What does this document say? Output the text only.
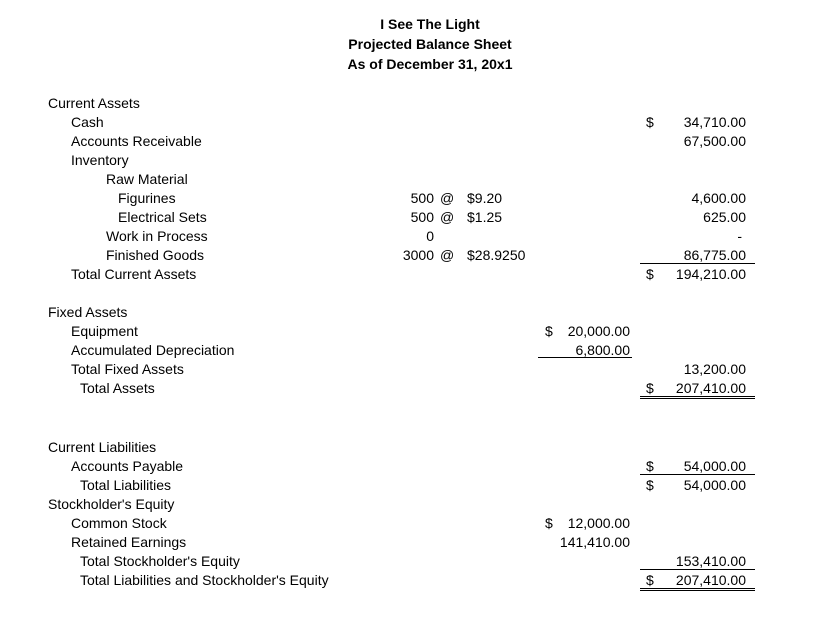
I See The Light
Projected Balance Sheet
As of December 31, 20x1
Current Assets
Cash	$	34,710.00
Accounts Receivable	67,500.00
Inventory
Raw Material
Figurines	500 @ $9.20	4,600.00
Electrical Sets	500 @ $1.25	625.00
Work in Process	0	-
Finished Goods	3000 @ $28.9250	86,775.00
Total Current Assets	$	194,210.00
Fixed Assets
Equipment	$	20,000.00
Accumulated Depreciation	6,800.00
Total Fixed Assets	13,200.00
Total Assets	$	207,410.00
Current Liabilities
Accounts Payable	$	54,000.00
Total Liabilities	$	54,000.00
Stockholder's Equity
Common Stock	$	12,000.00
Retained Earnings	141,410.00
Total Stockholder's Equity	153,410.00
Total Liabilities and Stockholder's Equity	$	207,410.00
